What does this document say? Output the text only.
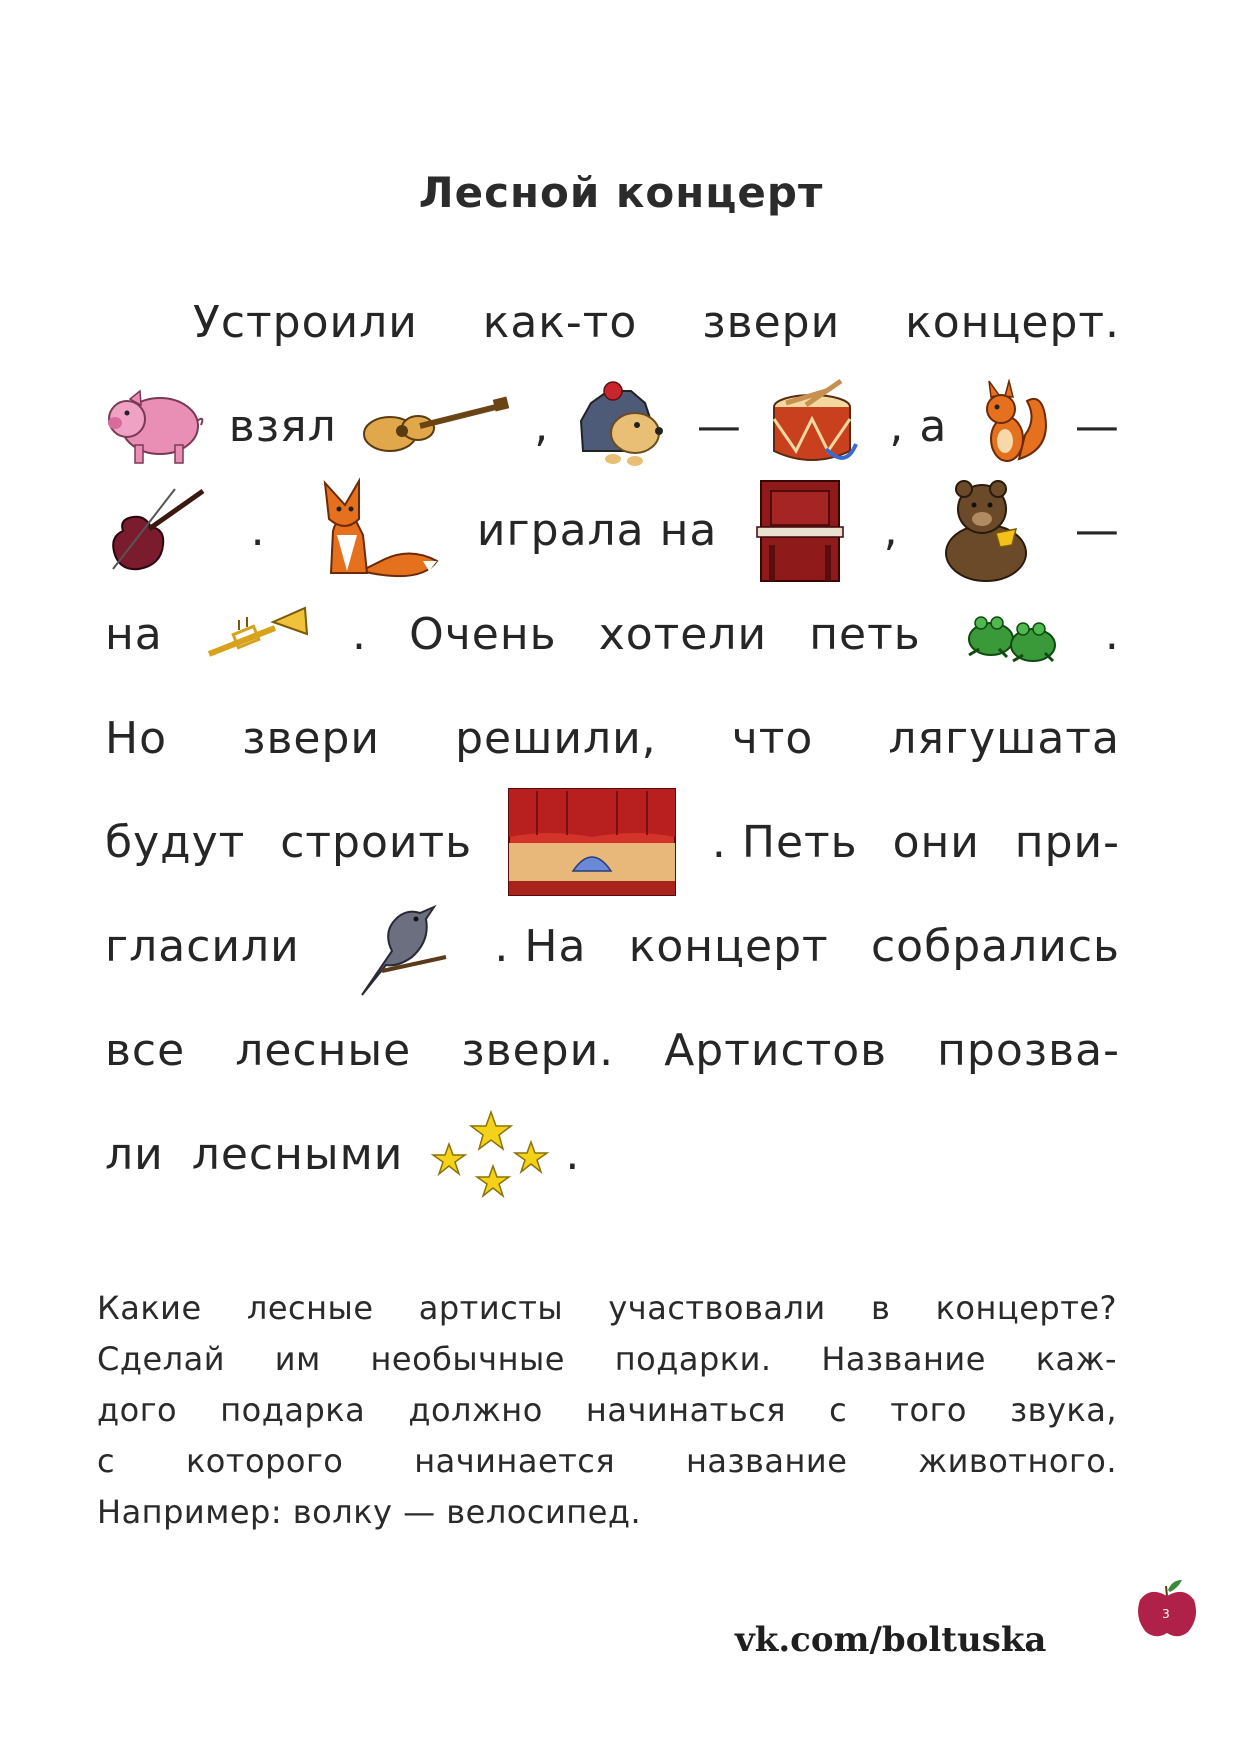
Лесной концерт
Устроили как-то звери концерт.
взял	,	—	, а	—
.	играла на	,	—
на	. Очень хотели петь	.
Но звери решили, что лягушата
будут строить	. Петь они при-
гласили	. На концерт собрались
все лесные звери. Артистов прозва-
ли лесными	.

Какие лесные артисты участвовали в концерте?

Сделай им необычные подарки. Название каж-

дого подарка должно начинаться с того звука,

с которого начинается название животного.

Например: волку — велосипед.

vk.com/boltuska
3
